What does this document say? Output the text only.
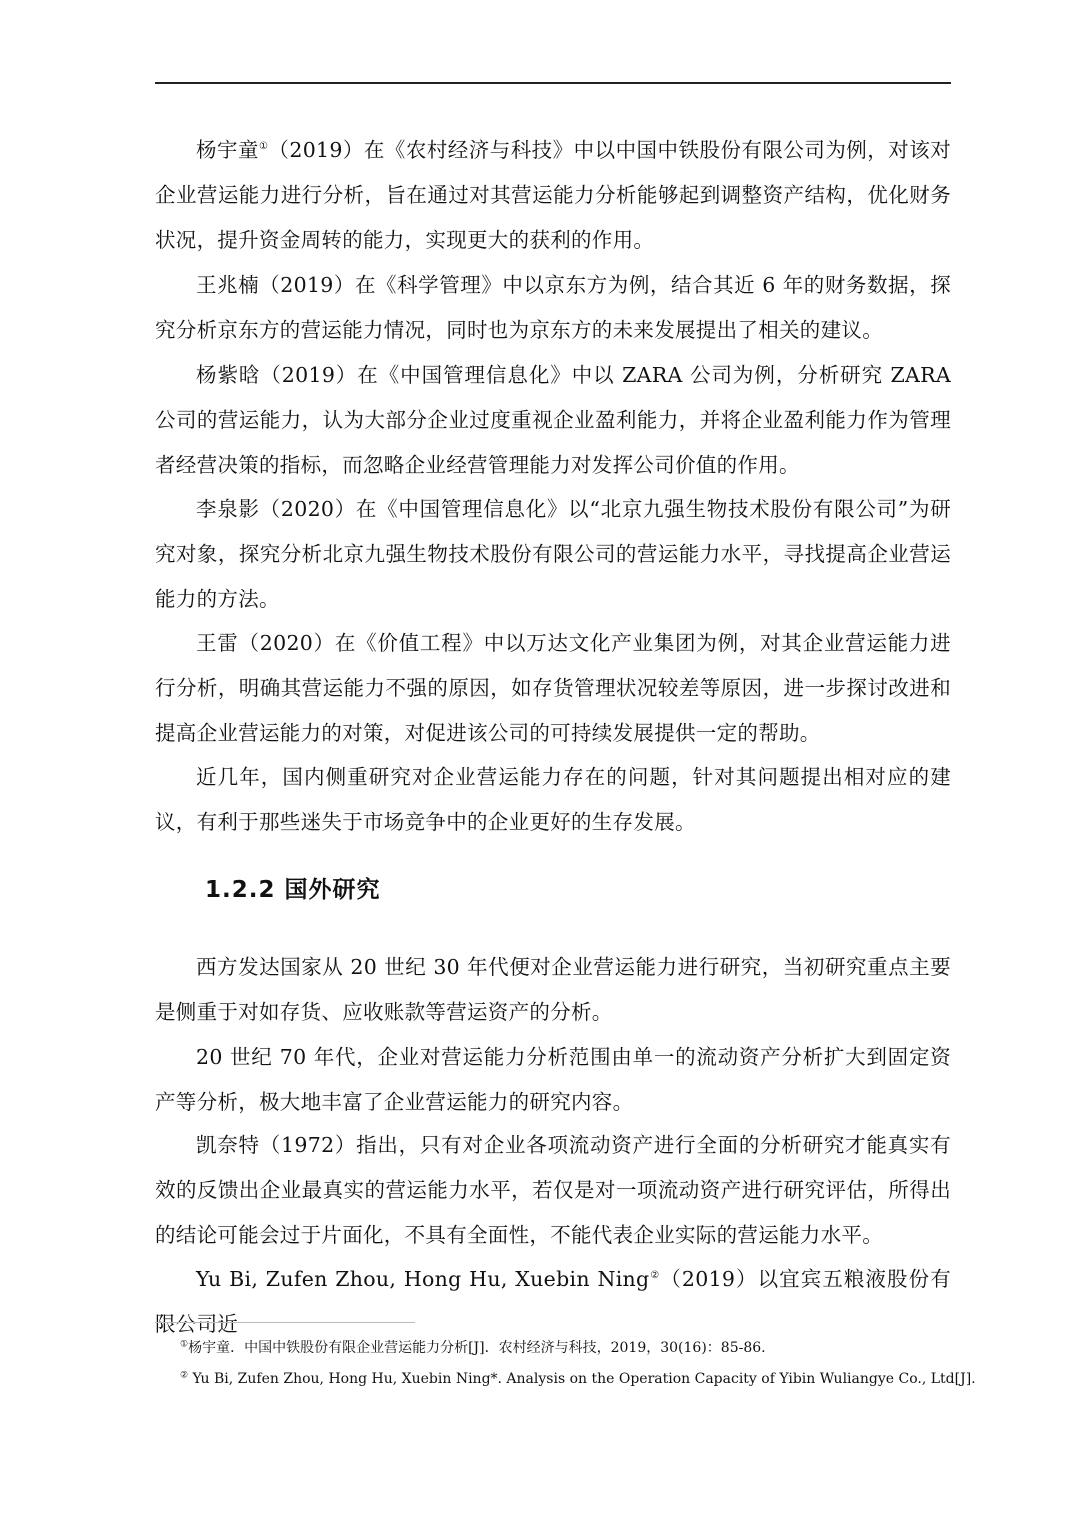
杨宇童①（2019）在《农村经济与科技》中以中国中铁股份有限公司为例，对该对企业营运能力进行分析，旨在通过对其营运能力分析能够起到调整资产结构，优化财务状况，提升资金周转的能力，实现更大的获利的作用。

王兆楠（2019）在《科学管理》中以京东方为例，结合其近 6 年的财务数据，探究分析京东方的营运能力情况，同时也为京东方的未来发展提出了相关的建议。

杨紫晗（2019）在《中国管理信息化》中以 ZARA 公司为例，分析研究 ZARA 公司的营运能力，认为大部分企业过度重视企业盈利能力，并将企业盈利能力作为管理者经营决策的指标，而忽略企业经营管理能力对发挥公司价值的作用。

李泉影（2020）在《中国管理信息化》以“北京九强生物技术股份有限公司”为研究对象，探究分析北京九强生物技术股份有限公司的营运能力水平，寻找提高企业营运能力的方法。

王雷（2020）在《价值工程》中以万达文化产业集团为例，对其企业营运能力进行分析，明确其营运能力不强的原因，如存货管理状况较差等原因，进一步探讨改进和提高企业营运能力的对策，对促进该公司的可持续发展提供一定的帮助。

近几年，国内侧重研究对企业营运能力存在的问题，针对其问题提出相对应的建议，有利于那些迷失于市场竞争中的企业更好的生存发展。

1.2.2 国外研究

西方发达国家从 20 世纪 30 年代便对企业营运能力进行研究，当初研究重点主要是侧重于对如存货、应收账款等营运资产的分析。

20 世纪 70 年代，企业对营运能力分析范围由单一的流动资产分析扩大到固定资产等分析，极大地丰富了企业营运能力的研究内容。

凯奈特（1972）指出，只有对企业各项流动资产进行全面的分析研究才能真实有效的反馈出企业最真实的营运能力水平，若仅是对一项流动资产进行研究评估，所得出的结论可能会过于片面化，不具有全面性，不能代表企业实际的营运能力水平。

Yu Bi, Zufen Zhou, Hong Hu, Xuebin Ning②（2019）以宜宾五粮液股份有限公司近

①杨宇童．中国中铁股份有限企业营运能力分析[J]．农村经济与科技，2019，30(16)：85-86.

② Yu Bi, Zufen Zhou, Hong Hu, Xuebin Ning*. Analysis on the Operation Capacity of Yibin Wuliangye Co., Ltd[J].
